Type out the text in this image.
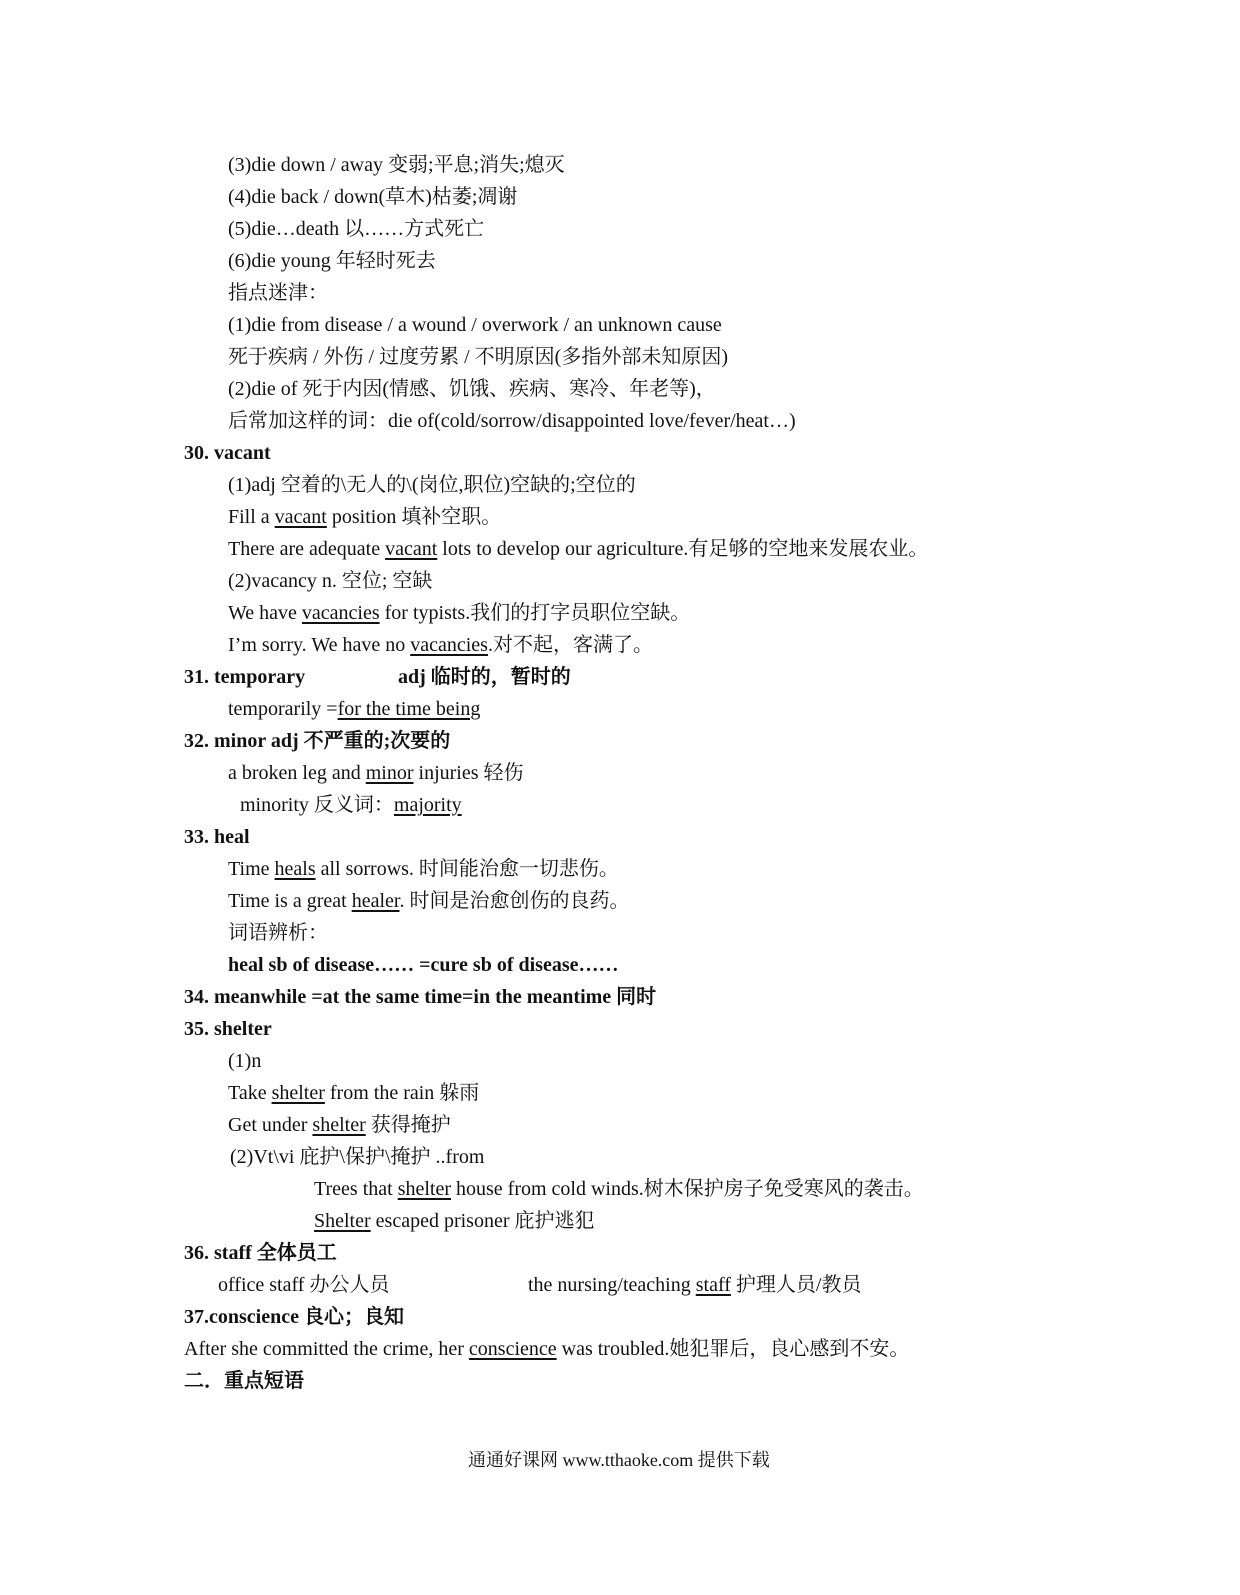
(3)die down / away 变弱;平息;消失;熄灭
(4)die back / down(草木)枯萎;凋谢
(5)die…death 以……方式死亡
(6)die young 年轻时死去
指点迷津：
(1)die from disease / a wound / overwork / an unknown cause
死于疾病 / 外伤 / 过度劳累 / 不明原因(多指外部未知原因)
(2)die of 死于内因(情感、饥饿、疾病、寒冷、年老等)，
后常加这样的词：die of(cold/sorrow/disappointed love/fever/heat…)
30. vacant
(1)adj 空着的\无人的\(岗位,职位)空缺的;空位的
Fill a vacant position 填补空职。
There are adequate vacant lots to develop our agriculture.有足够的空地来发展农业。
(2)vacancy n. 空位; 空缺
We have vacancies for typists.我们的打字员职位空缺。
I’m sorry. We have no vacancies.对不起，客满了。
31. temporary	adj 临时的，暂时的
temporarily =for the time being
32. minor adj 不严重的;次要的
a broken leg and minor injuries 轻伤
minority 反义词：majority
33. heal
Time heals all sorrows. 时间能治愈一切悲伤。
Time is a great healer. 时间是治愈创伤的良药。
词语辨析：
heal sb of disease…… =cure sb of disease……
34. meanwhile =at the same time=in the meantime 同时
35. shelter
(1)n
Take shelter from the rain 躲雨
Get under shelter 获得掩护
(2)Vt\vi 庇护\保护\掩护 ..from
Trees that shelter house from cold winds.树木保护房子免受寒风的袭击。
Shelter escaped prisoner 庇护逃犯
36. staff 全体员工
office staff 办公人员	the nursing/teaching staff 护理人员/教员
37.conscience 良心；良知
After she committed the crime, her conscience was troubled.她犯罪后，良心感到不安。
二．重点短语
通通好课网 www.tthaoke.com 提供下载
